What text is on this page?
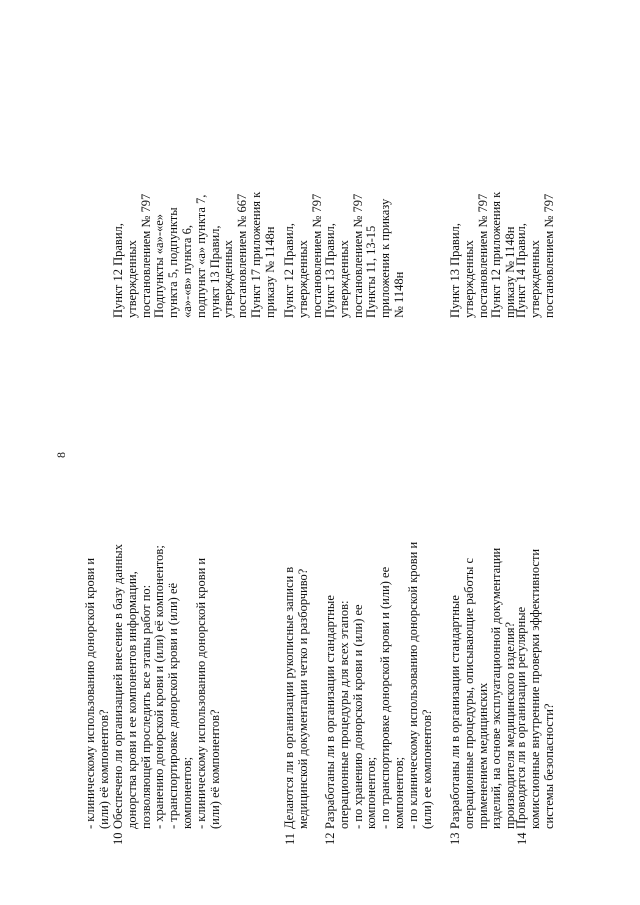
8
- клиническому использованию донорской крови и (или) её компонентов?
10
Обеспечено ли организацией внесение в базу данных донорства крови и ее компонентов информации, позволяющей проследить все этапы работ по: - хранению донорской крови и (или) её компонентов; - транспортировке донорской крови и (или) её компонентов; - клиническому использованию донорской крови и (или) её компонентов?
Пункт 12 Правил, утвержденных постановлением № 797 Подпункты «а»-«е» пункта 5, подпункты «а»-«в» пункта 6, подпункт «а» пункта 7, пункт 13 Правил, утвержденных постановлением № 667 Пункт 17 приложения к приказу № 1148н
11
Делаются ли в организации рукописные записи в медицинской документации четко и разборчиво?
Пункт 12 Правил, утвержденных постановлением № 797
12
Разработаны ли в организации стандартные операционные процедуры для всех этапов: - по хранению донорской крови и (или) ее компонентов; - по транспортировке донорской крови и (или) ее компонентов; - по клиническому использованию донорской крови и (или) ее компонентов?
Пункт 13 Правил, утвержденных постановлением № 797 Пункты 11, 13-15 приложения к приказу № 1148н
13
Разработаны ли в организации стандартные операционные процедуры, описывающие работы с применением медицинских изделий, на основе эксплуатационной документации производителя медицинского изделия?
Пункт 13 Правил, утвержденных постановлением № 797 Пункт 12 приложения к приказу № 1148н
14
Проводятся ли в организации регулярные комиссионные внутренние проверки эффективности системы безопасности?
Пункт 14 Правил, утвержденных постановлением № 797
